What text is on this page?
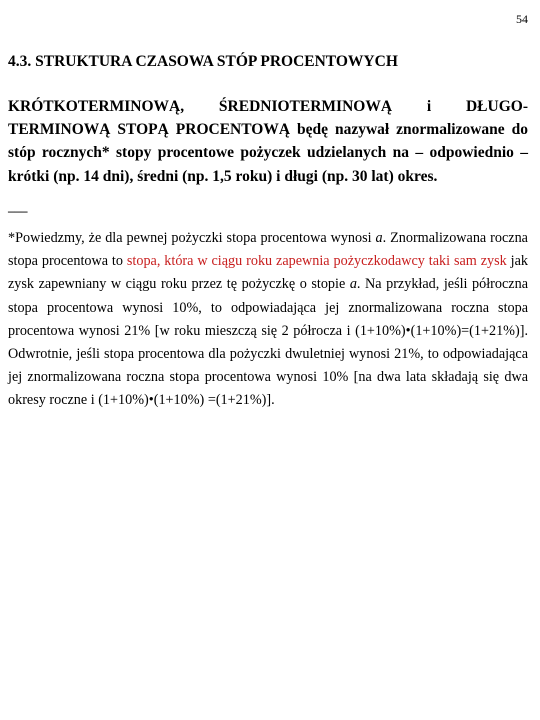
54
4.3. STRUKTURA CZASOWA STÓP PROCENTOWYCH
KRÓTKOTERMINOWĄ, ŚREDNIOTERMINOWĄ i DŁUGO-TERMINOWĄ STOPĄ PROCENTOWĄ będę nazywał znormalizowane do stóp rocznych* stopy procentowe pożyczek udzielanych na – odpowiednio – krótki (np. 14 dni), średni (np. 1,5 roku) i długi (np. 30 lat) okres.
–––
*Powiedzmy, że dla pewnej pożyczki stopa procentowa wynosi a. Znormalizowana roczna stopa procentowa to stopa, która w ciągu roku zapewnia pożyczkodawcy taki sam zysk jak zysk zapewniany w ciągu roku przez tę pożyczkę o stopie a. Na przykład, jeśli półroczna stopa procentowa wynosi 10%, to odpowiadająca jej znormalizowana roczna stopa procentowa wynosi 21% [w roku mieszczą się 2 półrocza i (1+10%)•(1+10%)=(1+21%)]. Odwrotnie, jeśli stopa procentowa dla pożyczki dwuletniej wynosi 21%, to odpowiadająca jej znormalizowana roczna stopa procentowa wynosi 10% [na dwa lata składają się dwa okresy roczne i (1+10%)•(1+10%) =(1+21%)].
